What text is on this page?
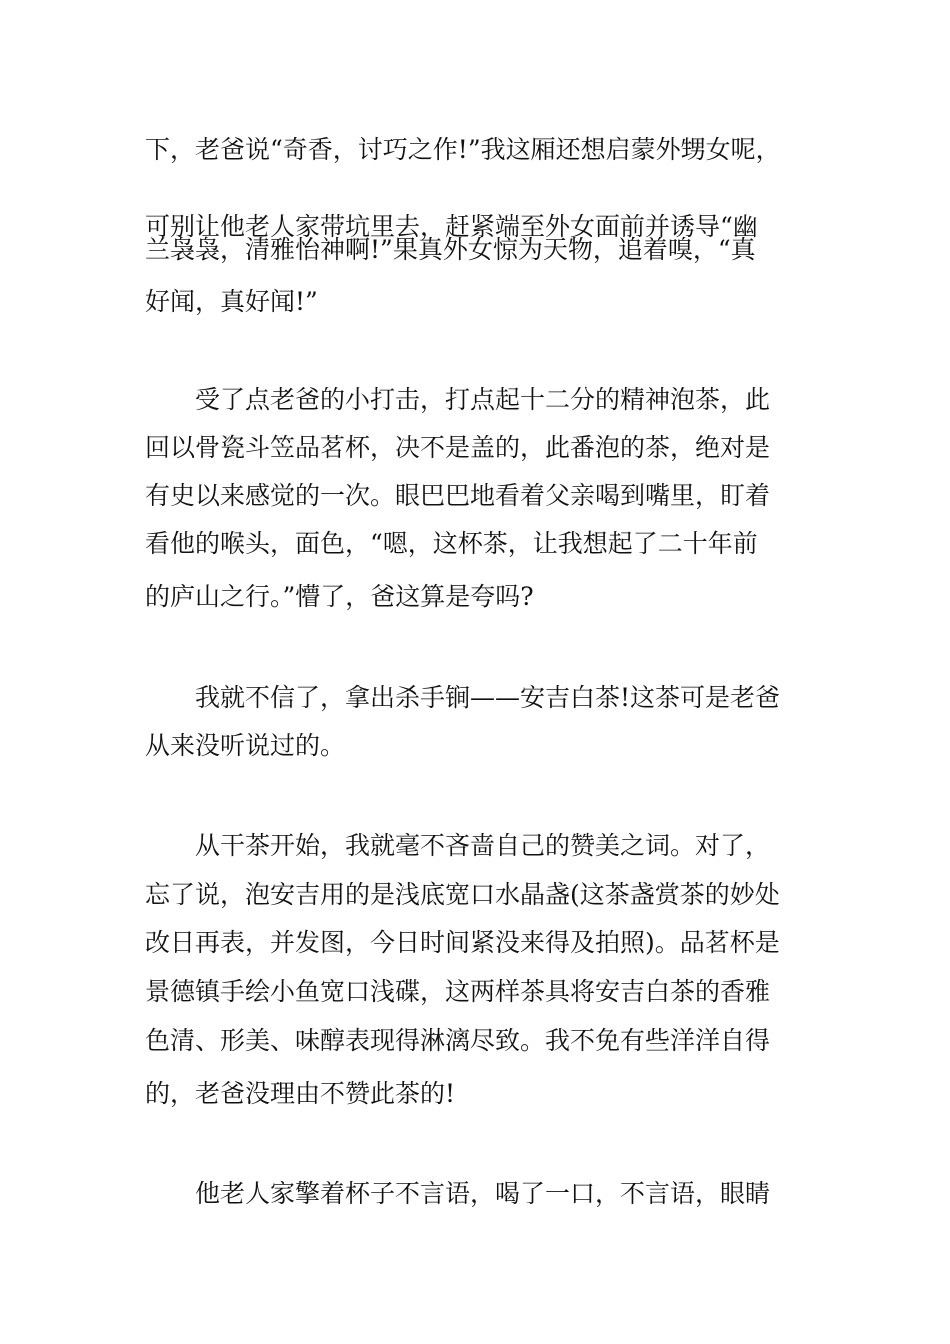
下，老爸说“奇香，讨巧之作!”我这厢还想启蒙外甥女呢，
可别让他老人家带坑里去，赶紧端至外女面前并诱导“幽
兰袅袅，清雅怡神啊!”果真外女惊为天物，追着嗅，“真
好闻，真好闻!”
　　受了点老爸的小打击，打点起十二分的精神泡茶，此
回以骨瓷斗笠品茗杯，决不是盖的，此番泡的茶，绝对是
有史以来感觉的一次。眼巴巴地看着父亲喝到嘴里，盯着
看他的喉头，面色，“嗯，这杯茶，让我想起了二十年前
的庐山之行。”懵了，爸这算是夸吗?
　　我就不信了，拿出杀手锏——安吉白茶!这茶可是老爸
从来没听说过的。
　　从干茶开始，我就毫不吝啬自己的赞美之词。对了，
忘了说，泡安吉用的是浅底宽口水晶盏(这茶盏赏茶的妙处
改日再表，并发图，今日时间紧没来得及拍照)。品茗杯是
景德镇手绘小鱼宽口浅碟，这两样茶具将安吉白茶的香雅
色清、形美、味醇表现得淋漓尽致。我不免有些洋洋自得
的，老爸没理由不赞此茶的!
　　他老人家擎着杯子不言语，喝了一口，不言语，眼睛
